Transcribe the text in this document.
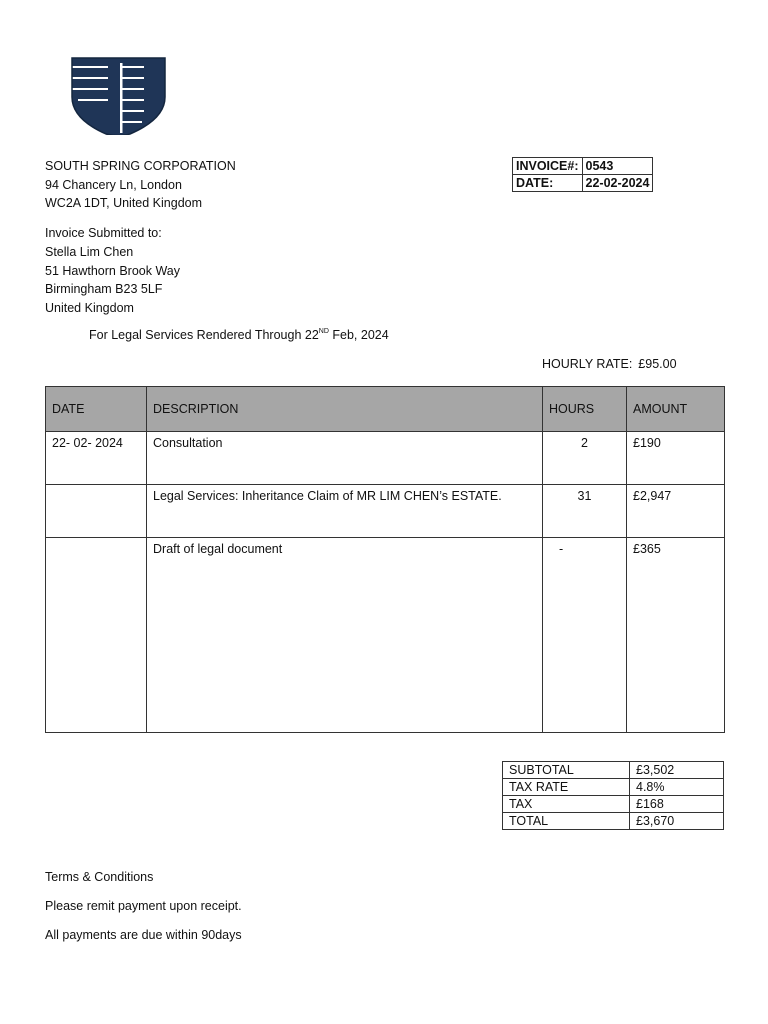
SOUTH SPRING CORPORATION
94 Chancery Ln, London
WC2A 1DT, United Kingdom
INVOICE#:	0543
DATE:	22-02-2024
Invoice Submitted to:
Stella Lim Chen
51 Hawthorn Brook Way
Birmingham B23 5LF
United Kingdom
For Legal Services Rendered Through 22ND Feb, 2024
HOURLY RATE: £95.00
DATE	DESCRIPTION	HOURS	AMOUNT
22- 02- 2024	Consultation	2	£190
	Legal Services: Inheritance Claim of MR LIM CHEN’s ESTATE.	31	£2,947
	Draft of legal document	-	£365
SUBTOTAL	£3,502
TAX RATE	4.8%
TAX	£168
TOTAL	£3,670
Terms & Conditions
Please remit payment upon receipt.
All payments are due within 90days
